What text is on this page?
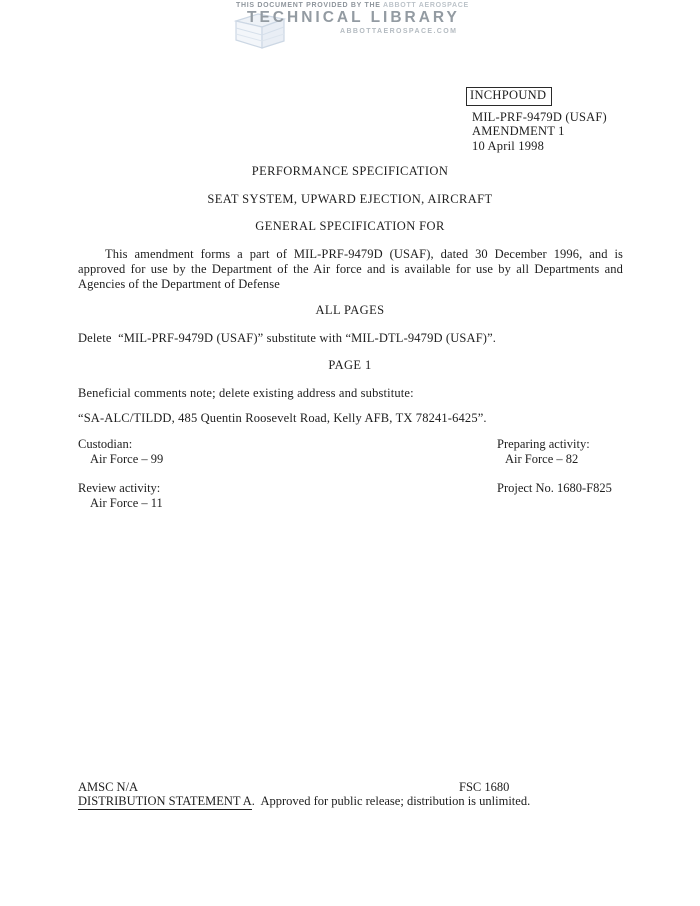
THIS DOCUMENT PROVIDED BY THE ABBOTT AEROSPACE
TECHNICAL LIBRARY
ABBOTTAEROSPACE.COM
INCHPOUND
MIL-PRF-9479D (USAF)
AMENDMENT 1
10 April 1998
PERFORMANCE SPECIFICATION
SEAT SYSTEM, UPWARD EJECTION, AIRCRAFT
GENERAL SPECIFICATION FOR
This amendment forms a part of MIL-PRF-9479D (USAF), dated 30 December 1996, and is approved for use by the Department of the Air force and is available for use by all Departments and Agencies of the Department of Defense
ALL PAGES
Delete  “MIL-PRF-9479D (USAF)” substitute with “MIL-DTL-9479D (USAF)”.
PAGE 1
Beneficial comments note; delete existing address and substitute:
“SA-ALC/TILDD, 485 Quentin Roosevelt Road, Kelly AFB, TX 78241-6425”.
Custodian:
Air Force – 99
Preparing activity:
Air Force – 82
Review activity:
Air Force – 11
Project No. 1680-F825
AMSC N/A	FSC 1680
DISTRIBUTION STATEMENT A.  Approved for public release; distribution is unlimited.
